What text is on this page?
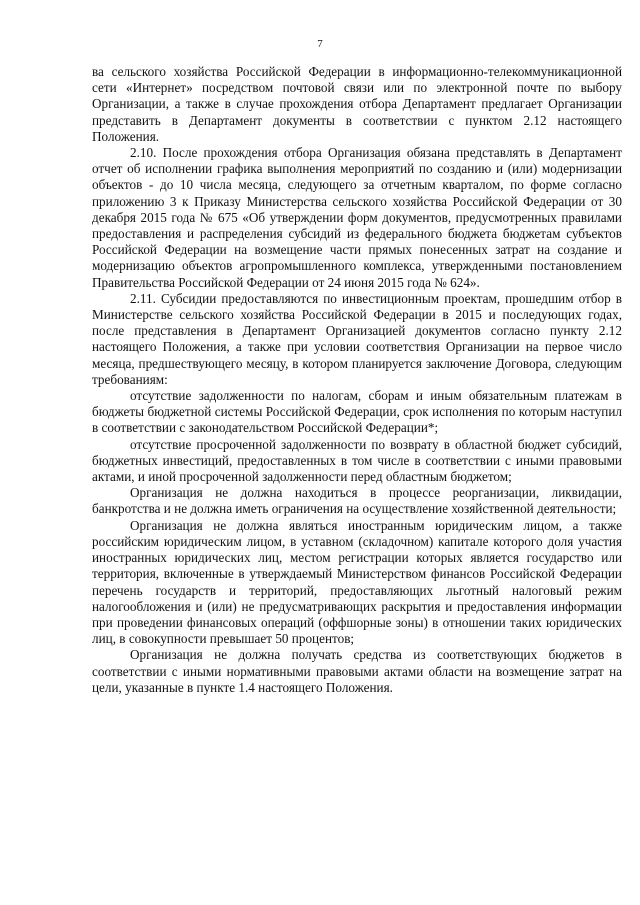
7

ва сельского хозяйства Российской Федерации в информационно-телекоммуникационной сети «Интернет» посредством почтовой связи или по электронной почте по выбору Организации, а также в случае прохождения отбора Департамент предлагает Организации представить в Департамент документы в соответствии с пунктом 2.12 настоящего Положения.

2.10. После прохождения отбора Организация обязана представлять в Департамент отчет об исполнении графика выполнения мероприятий по созданию и (или) модернизации объектов - до 10 числа месяца, следующего за отчетным кварталом, по форме согласно приложению 3 к Приказу Министерства сельского хозяйства Российской Федерации от 30 декабря 2015 года № 675 «Об утверждении форм документов, предусмотренных правилами предоставления и распределения субсидий из федерального бюджета бюджетам субъектов Российской Федерации на возмещение части прямых понесенных затрат на создание и модернизацию объектов агропромышленного комплекса, утвержденными постановлением Правительства Российской Федерации от 24 июня 2015 года № 624».

2.11. Субсидии предоставляются по инвестиционным проектам, прошедшим отбор в Министерстве сельского хозяйства Российской Федерации в 2015 и последующих годах, после представления в Департамент Организацией документов согласно пункту 2.12 настоящего Положения, а также при условии соответствия Организации на первое число месяца, предшествующего месяцу, в котором планируется заключение Договора, следующим требованиям:

отсутствие задолженности по налогам, сборам и иным обязательным платежам в бюджеты бюджетной системы Российской Федерации, срок исполнения по которым наступил в соответствии с законодательством Российской Федерации*;

отсутствие просроченной задолженности по возврату в областной бюджет субсидий, бюджетных инвестиций, предоставленных в том числе в соответствии с иными правовыми актами, и иной просроченной задолженности перед областным бюджетом;

Организация не должна находиться в процессе реорганизации, ликвидации, банкротства и не должна иметь ограничения на осуществление хозяйственной деятельности;

Организация не должна являться иностранным юридическим лицом, а также российским юридическим лицом, в уставном (складочном) капитале которого доля участия иностранных юридических лиц, местом регистрации которых является государство или территория, включенные в утверждаемый Министерством финансов Российской Федерации перечень государств и территорий, предоставляющих льготный налоговый режим налогообложения и (или) не предусматривающих раскрытия и предоставления информации при проведении финансовых операций (оффшорные зоны) в отношении таких юридических лиц, в совокупности превышает 50 процентов;

Организация не должна получать средства из соответствующих бюджетов в соответствии с иными нормативными правовыми актами области на возмещение затрат на цели, указанные в пункте 1.4 настоящего Положения.
